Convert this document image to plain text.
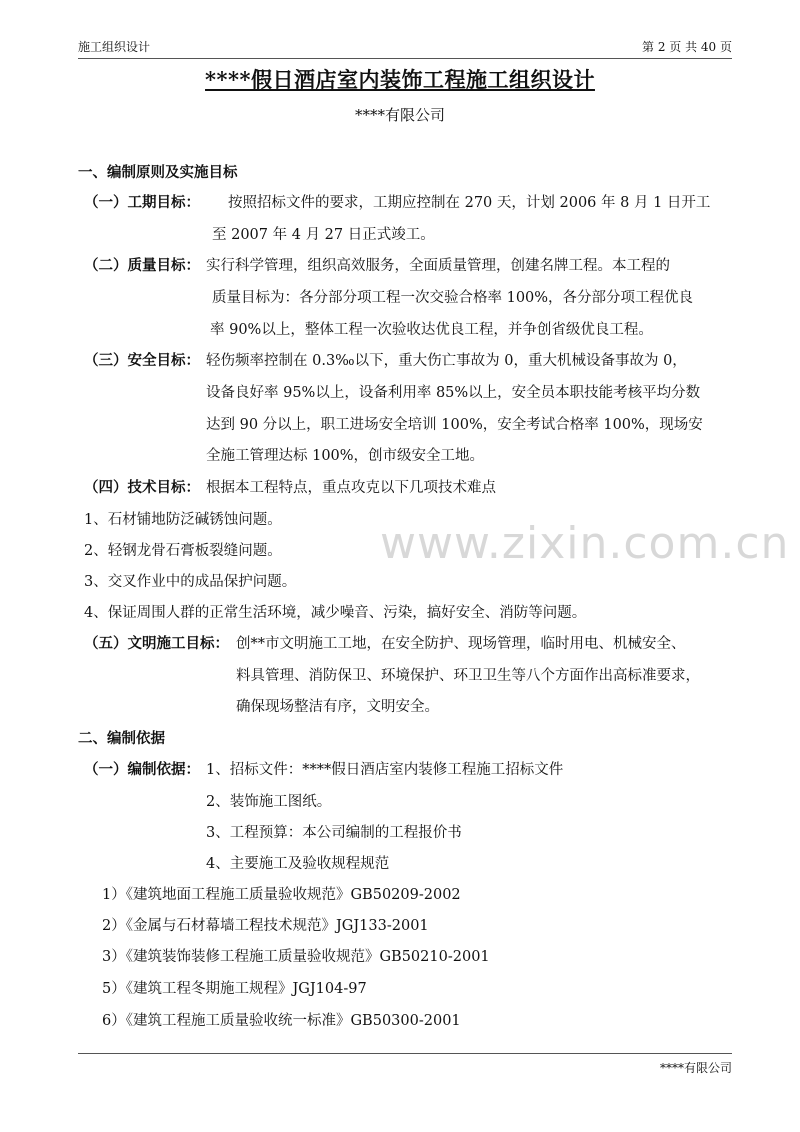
施工组织设计	第 2 页 共 40 页
****假日酒店室内装饰工程施工组织设计
****有限公司
www.zixin.com.cn
一、编制原则及实施目标
（一）工期目标： 按照招标文件的要求，工期应控制在 270 天，计划 2006 年 8 月 1 日开工
至 2007 年 4 月 27 日正式竣工。
（二）质量目标： 实行科学管理，组织高效服务，全面质量管理，创建名牌工程。本工程的
质量目标为：各分部分项工程一次交验合格率 100%，各分部分项工程优良
率 90%以上，整体工程一次验收达优良工程，并争创省级优良工程。
（三）安全目标： 轻伤频率控制在 0.3‰以下，重大伤亡事故为 0，重大机械设备事故为 0，
设备良好率 95%以上，设备利用率 85%以上，安全员本职技能考核平均分数
达到 90 分以上，职工进场安全培训 100%，安全考试合格率 100%，现场安
全施工管理达标 100%，创市级安全工地。
（四）技术目标： 根据本工程特点，重点攻克以下几项技术难点
1、石材铺地防泛碱锈蚀问题。
2、轻钢龙骨石膏板裂缝问题。
3、交叉作业中的成品保护问题。
4、保证周围人群的正常生活环境，减少噪音、污染，搞好安全、消防等问题。
（五）文明施工目标： 创**市文明施工工地，在安全防护、现场管理，临时用电、机械安全、
料具管理、消防保卫、环境保护、环卫卫生等八个方面作出高标准要求，
确保现场整洁有序，文明安全。
二、编制依据
（一）编制依据： 1、招标文件：****假日酒店室内装修工程施工招标文件
2、装饰施工图纸。
3、工程预算：本公司编制的工程报价书
4、主要施工及验收规程规范
1）《建筑地面工程施工质量验收规范》GB50209-2002
2）《金属与石材幕墙工程技术规范》JGJ133-2001
3）《建筑装饰装修工程施工质量验收规范》GB50210-2001
5）《建筑工程冬期施工规程》JGJ104-97
6）《建筑工程施工质量验收统一标准》GB50300-2001
****有限公司
